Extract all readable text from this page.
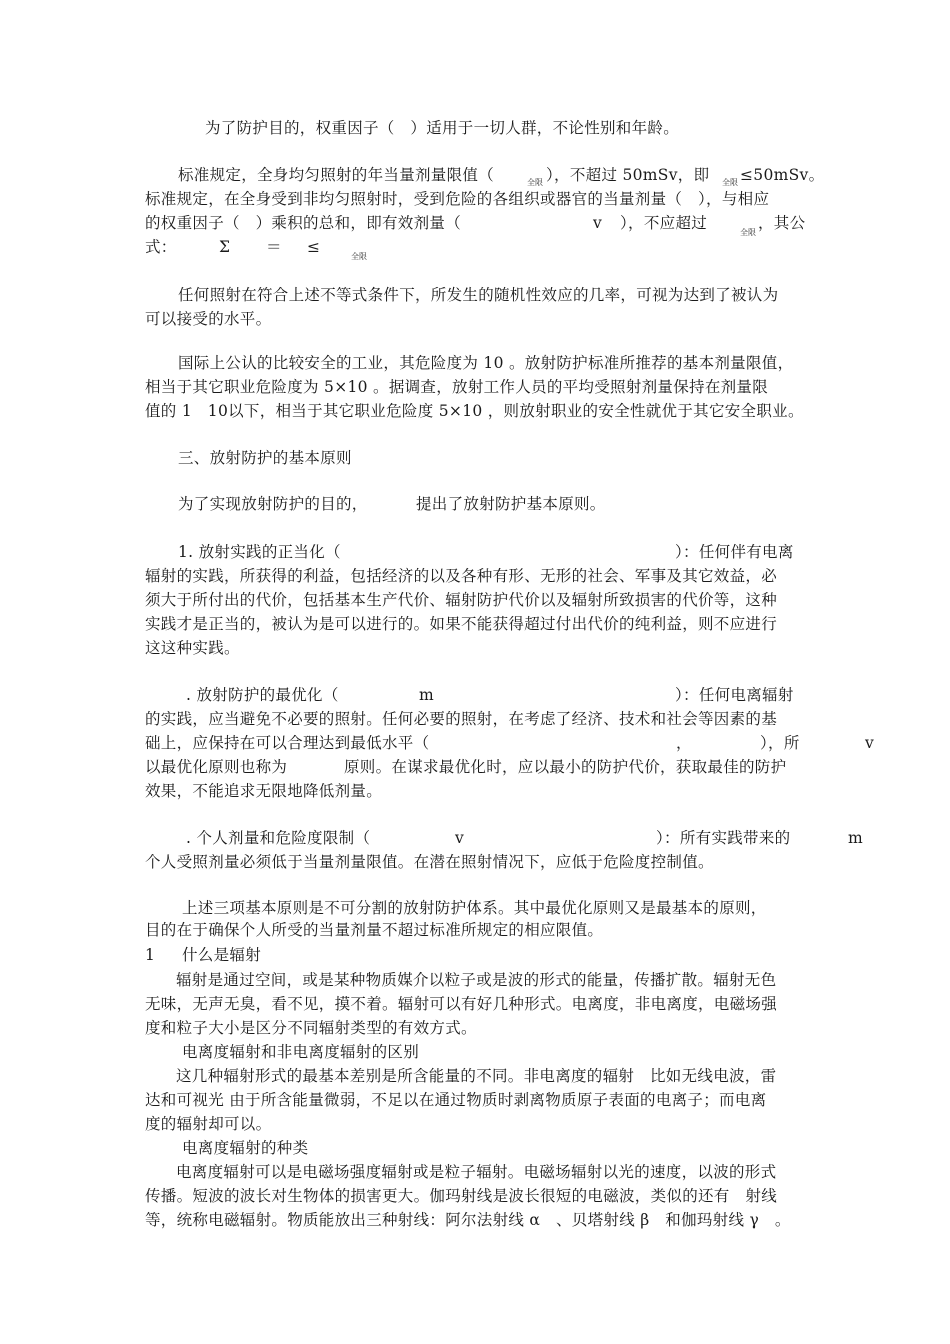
为了防护目的，权重因子（　）适用于一切人群，不论性别和年龄。
标准规定，全身均匀照射的年当量剂量限值（	全限 ），不超过 50mSv，即 全限 ≤50mSv。
标准规定，在全身受到非均匀照射时，受到危险的各组织或器官的当量剂量（　），与相应
的权重因子（　）乘积的总和，即有效剂量（	v ），不应超过
全限
，其公
式：	Σ ＝ ≤
全限
任何照射在符合上述不等式条件下，所发生的随机性效应的几率，可视为达到了被认为
可以接受的水平。
国际上公认的比较安全的工业，其危险度为 10 。放射防护标准所推荐的基本剂量限值，
相当于其它职业危险度为 5×10 。据调查，放射工作人员的平均受照射剂量保持在剂量限
值的 1　10以下，相当于其它职业危险度 5×10 ，则放射职业的安全性就优于其它安全职业。
三、放射防护的基本原则
为了实现放射防护的目的，	提出了放射防护基本原则。
1. 放射实践的正当化（	）：任何伴有电离
辐射的实践，所获得的利益，包括经济的以及各种有形、无形的社会、军事及其它效益，必
须大于所付出的代价，包括基本生产代价、辐射防护代价以及辐射所致损害的代价等，这种
实践才是正当的，被认为是可以进行的。如果不能获得超过付出代价的纯利益，则不应进行
这这种实践。
. 放射防护的最优化（	m	）：任何电离辐射
的实践，应当避免不必要的照射。任何必要的照射，在考虑了经济、技术和社会等因素的基
础上，应保持在可以合理达到最低水平（	，	），所	v
以最优化原则也称为	原则。在谋求最优化时，应以最小的防护代价，获取最佳的防护
效果，不能追求无限地降低剂量。
. 个人剂量和危险度限制（	v	）：所有实践带来的	m
个人受照剂量必须低于当量剂量限值。在潜在照射情况下，应低于危险度控制值。
上述三项基本原则是不可分割的放射防护体系。其中最优化原则又是最基本的原则，
目的在于确保个人所受的当量剂量不超过标准所规定的相应限值。
1 什么是辐射
辐射是通过空间，或是某种物质媒介以粒子或是波的形式的能量，传播扩散。辐射无色
无味，无声无臭，看不见，摸不着。辐射可以有好几种形式。电离度，非电离度，电磁场强
度和粒子大小是区分不同辐射类型的有效方式。
电离度辐射和非电离度辐射的区别
这几种辐射形式的最基本差别是所含能量的不同。非电离度的辐射　比如无线电波，雷
达和可视光 由于所含能量微弱，不足以在通过物质时剥离物质原子表面的电离子；而电离
度的辐射却可以。
电离度辐射的种类
电离度辐射可以是电磁场强度辐射或是粒子辐射。电磁场辐射以光的速度，以波的形式
传播。短波的波长对生物体的损害更大。伽玛射线是波长很短的电磁波，类似的还有　射线
等，统称电磁辐射。物质能放出三种射线：阿尔法射线 α　、贝塔射线 β　和伽玛射线 γ　。
